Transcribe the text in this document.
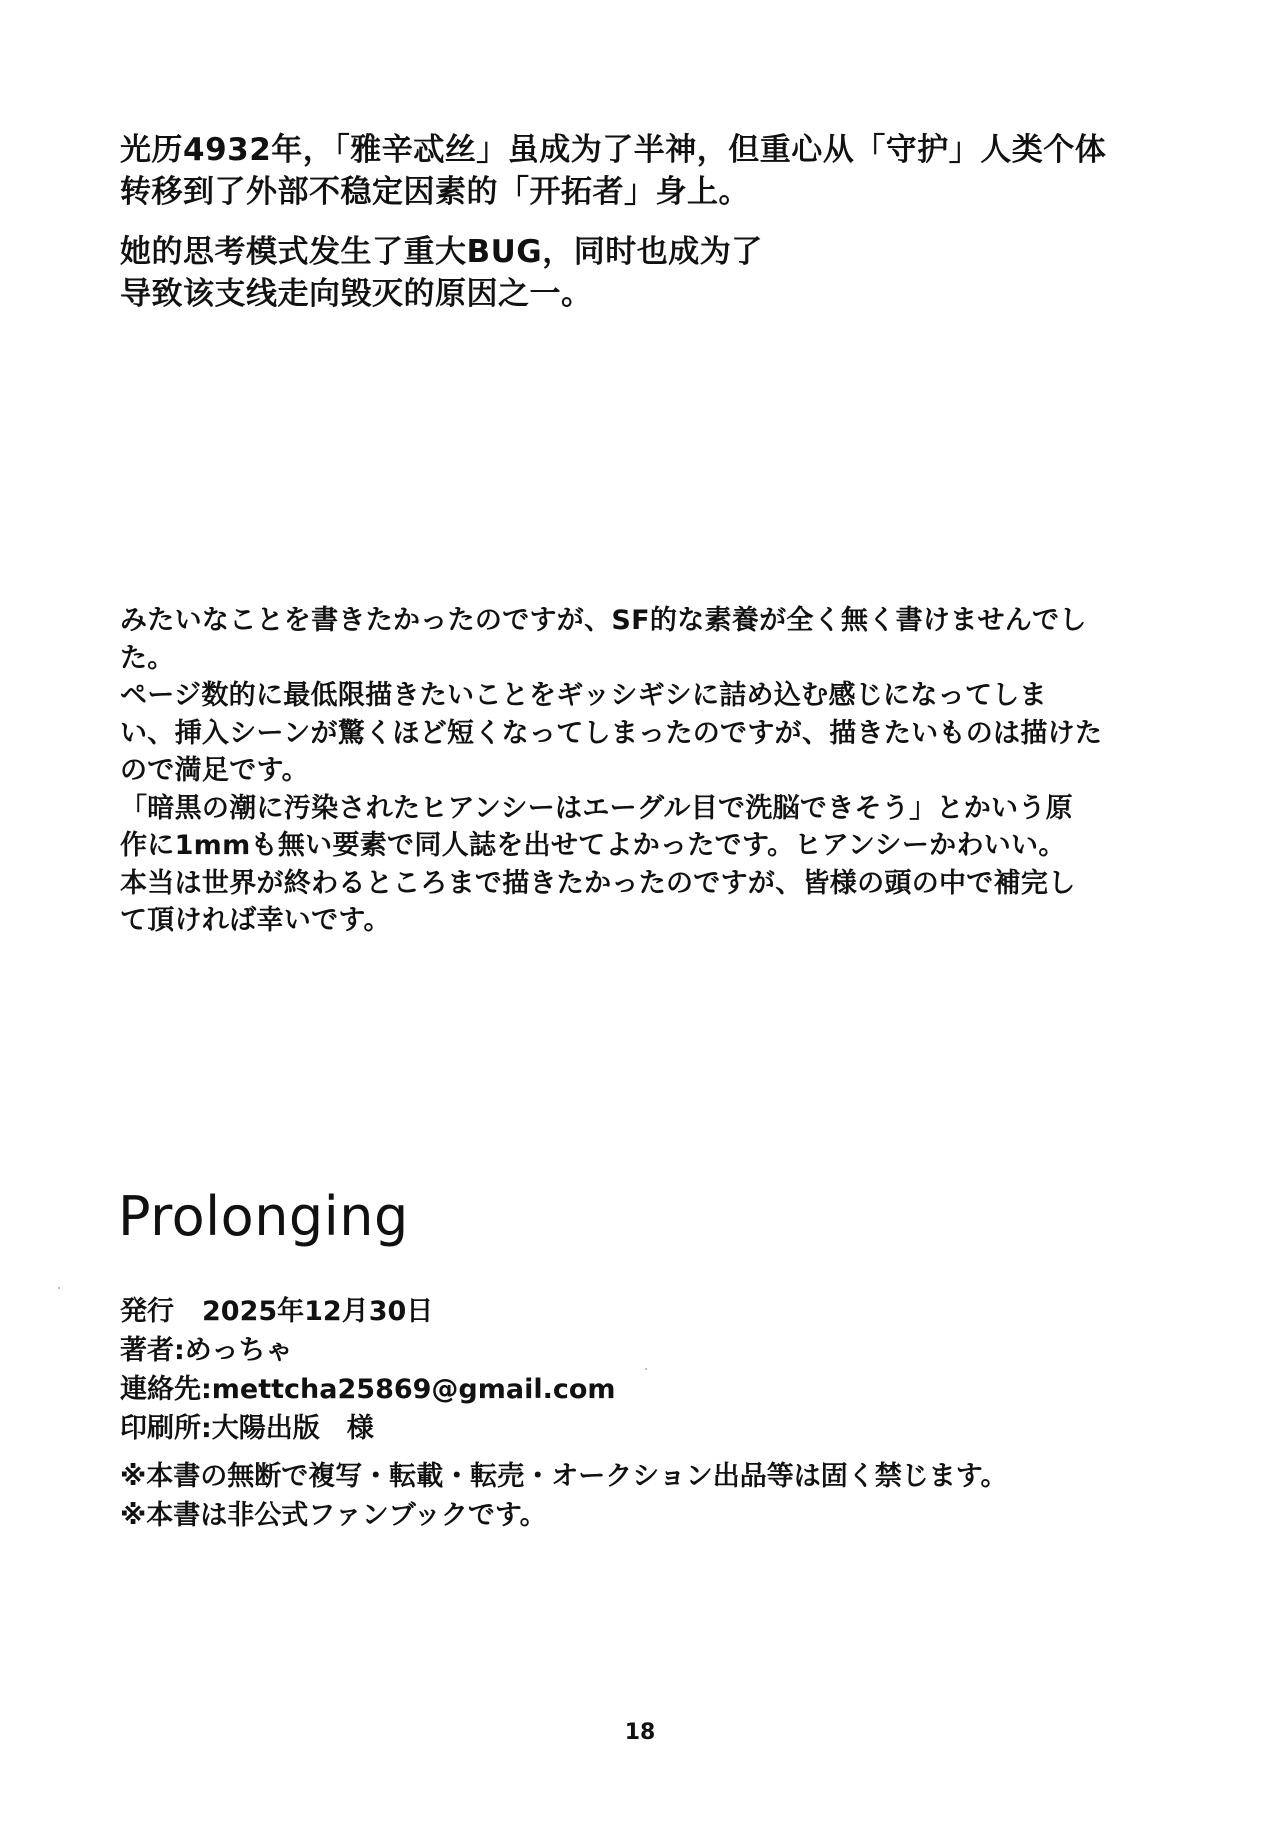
光历4932年，「雅辛忒丝」虽成为了半神，但重心从「守护」人类个体
转移到了外部不稳定因素的「开拓者」身上。
她的思考模式发生了重大BUG，同时也成为了
导致该支线走向毁灭的原因之一。
みたいなことを書きたかったのですが、SF的な素養が全く無く書けませんでし
た。
ページ数的に最低限描きたいことをギッシギシに詰め込む感じになってしま
い、挿入シーンが驚くほど短くなってしまったのですが、描きたいものは描けた
ので満足です。
「暗黒の潮に汚染されたヒアンシーはエーグル目で洗脳できそう」とかいう原
作に1mmも無い要素で同人誌を出せてよかったです。ヒアンシーかわいい。
本当は世界が終わるところまで描きたかったのですが、皆様の頭の中で補完し
て頂ければ幸いです。
Prolonging
発行 2025年12月30日
著者:めっちゃ
連絡先:mettcha25869@gmail.com
印刷所:大陽出版　様
※本書の無断で複写・転載・転売・オークション出品等は固く禁じます。
※本書は非公式ファンブックです。
18
